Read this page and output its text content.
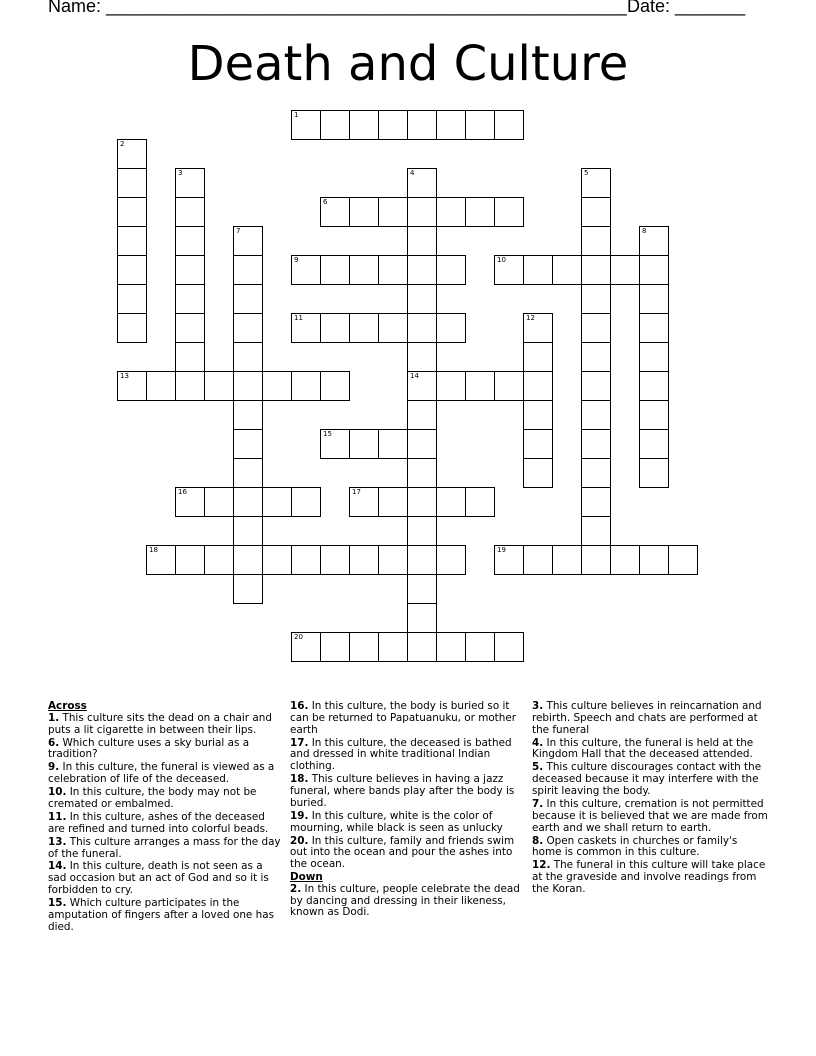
Name: ____________________________________________________ Date: _______
Death and Culture
1
2
3	4
14
5
6
7	8
9	10
11	12
13
15
16	17
18	19
20
Across
1. This culture sits the dead on a chair and puts a lit cigarette in between their lips.
6. Which culture uses a sky burial as a tradition?
9. In this culture, the funeral is viewed as a celebration of life of the deceased.
10. In this culture, the body may not be cremated or embalmed.
11. In this culture, ashes of the deceased are refined and turned into colorful beads.
13. This culture arranges a mass for the day of the funeral.
14. In this culture, death is not seen as a sad occasion but an act of God and so it is forbidden to cry.
15. Which culture participates in the amputation of fingers after a loved one has died.
16. In this culture, the body is buried so it can be returned to Papatuanuku, or mother earth
17. In this culture, the deceased is bathed and dressed in white traditional Indian clothing.
18. This culture believes in having a jazz funeral, where bands play after the body is buried.
19. In this culture, white is the color of mourning, while black is seen as unlucky
20. In this culture, family and friends swim out into the ocean and pour the ashes into the ocean.
Down
2. In this culture, people celebrate the dead by dancing and dressing in their likeness, known as Dodi.
3. This culture believes in reincarnation and rebirth. Speech and chats are performed at the funeral
4. In this culture, the funeral is held at the Kingdom Hall that the deceased attended.
5. This culture discourages contact with the deceased because it may interfere with the spirit leaving the body.
7. In this culture, cremation is not permitted because it is believed that we are made from earth and we shall return to earth.
8. Open caskets in churches or family's home is common in this culture.
12. The funeral in this culture will take place at the graveside and involve readings from the Koran.
